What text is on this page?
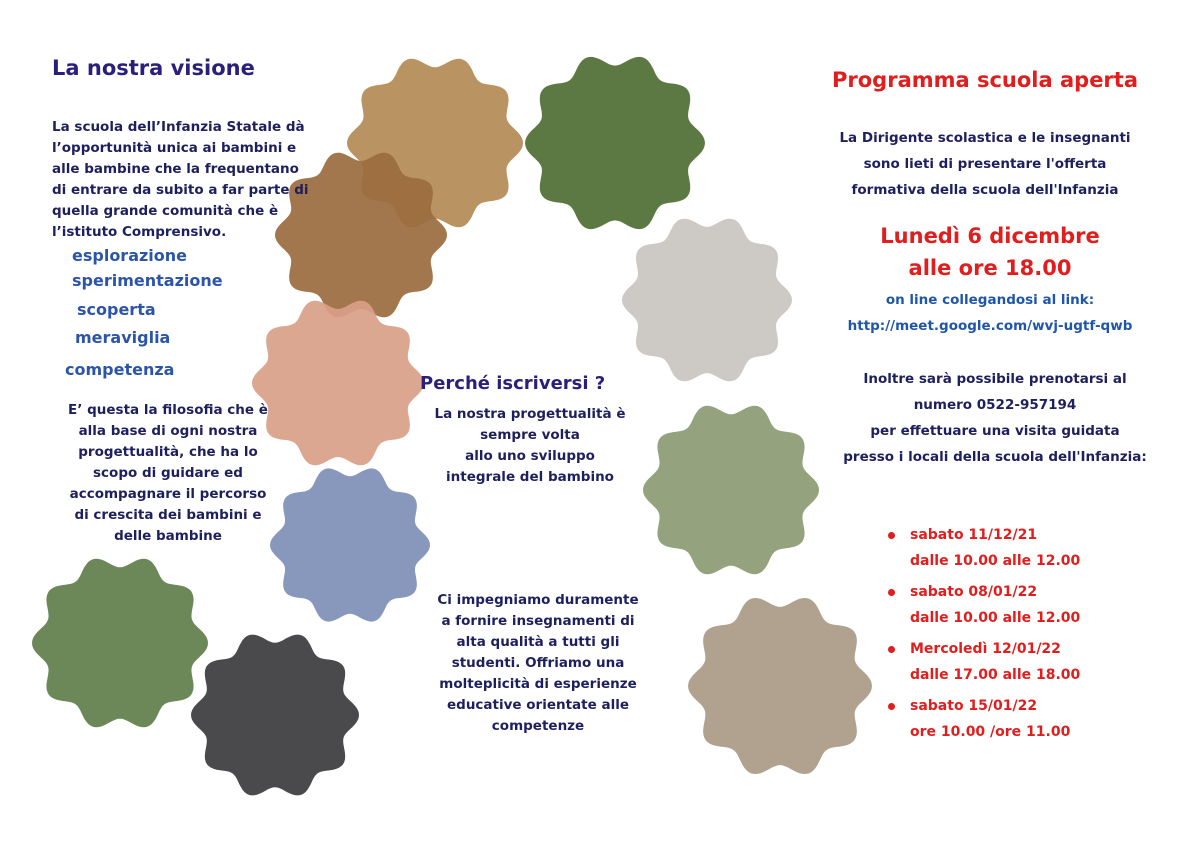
La nostra visione
La scuola dell’Infanzia Statale dà
l’opportunità unica ai bambini e
alle bambine che la frequentano
di entrare da subito a far parte di
quella grande comunità che è
l’istituto Comprensivo.
esplorazione
sperimentazione
scoperta
meraviglia
competenza
E’ questa la filosofia che è
alla base di ogni nostra
progettualità, che ha lo
scopo di guidare ed
accompagnare il percorso
di crescita dei bambini e
delle bambine
Perché iscriversi ?
La nostra progettualità è
sempre volta
allo uno sviluppo
integrale del bambino
Ci impegniamo duramente
a fornire insegnamenti di
alta qualità a tutti gli
studenti. Offriamo una
molteplicità di esperienze
educative orientate alle
competenze
Programma scuola aperta
La Dirigente scolastica e le insegnanti
sono lieti di presentare l'offerta
formativa della scuola dell'Infanzia
Lunedì 6 dicembre
alle ore 18.00
on line collegandosi al link:
http://meet.google.com/wvj-ugtf-qwb
Inoltre sarà possibile prenotarsi al
numero 0522-957194
per effettuare una visita guidata
presso i locali della scuola dell'Infanzia:
sabato 11/12/21
dalle 10.00 alle 12.00
sabato 08/01/22
dalle 10.00 alle 12.00
Mercoledì 12/01/22
dalle 17.00 alle 18.00
sabato 15/01/22
ore 10.00 /ore 11.00
